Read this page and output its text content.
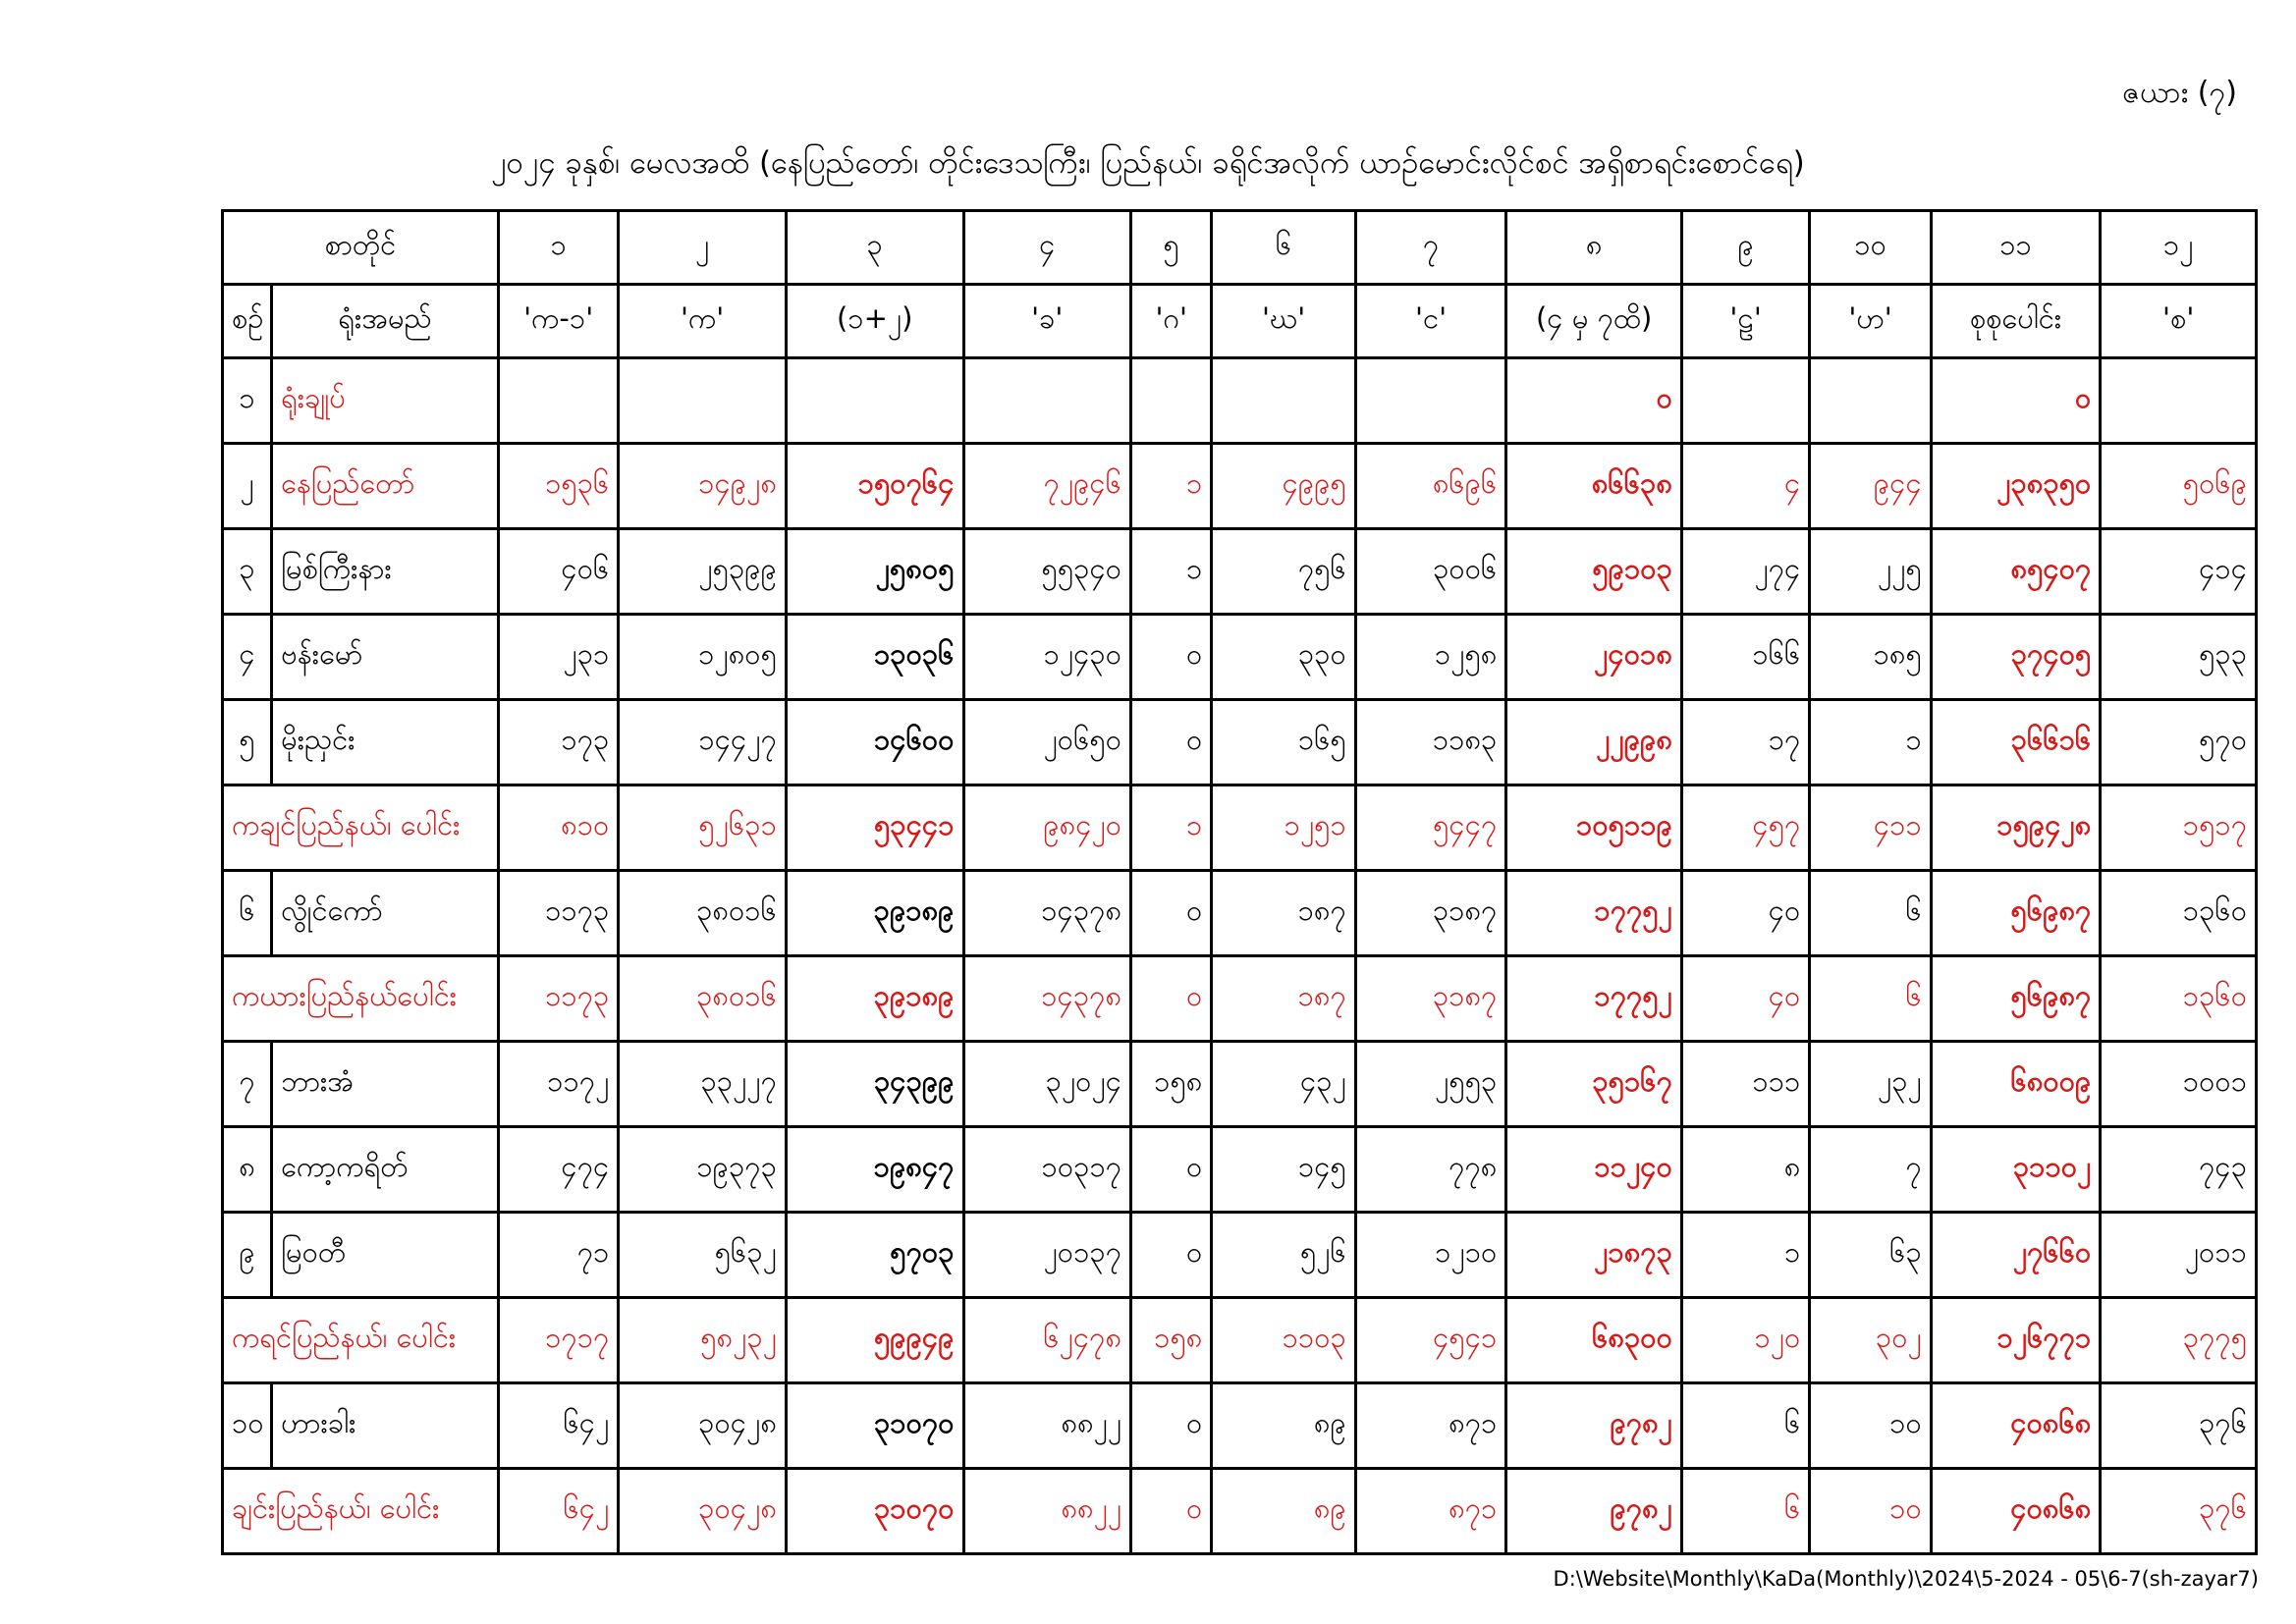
ဇယား (၇)
၂၀၂၄ ခုနှစ်၊ မေလအထိ (နေပြည်တော်၊ တိုင်းဒေသကြီး၊ ပြည်နယ်၊ ခရိုင်အလိုက် ယာဉ်မောင်းလိုင်စင် အရှိစာရင်းစောင်ရေ)
စာတိုင်		၁	၂	၃	၄	၅	၆	၇	၈	၉	၁၀	၁၁	၁၂
စဉ်	ရုံးအမည်	'က-၁'	'က'	(၁+၂)	'ခ'	'ဂ'	'ဃ'	'င'	(၄ မှ ၇ထိ)	'ဠ'	'ဟ'	စုစုပေါင်း	'စ'
၁	ရုံးချုပ်								၀			၀	
၂	နေပြည်တော်	၁၅၃၆	၁၄၉၂၈	၁၅၀၇၆၄	၇၂၉၄၆	၁	၄၉၉၅	၈၆၉၆	၈၆၆၃၈	၄	၉၄၄	၂၃၈၃၅၀	၅၀၆၉
၃	မြစ်ကြီးနား	၄၀၆	၂၅၃၉၉	၂၅၈၀၅	၅၅၃၄၀	၁	၇၅၆	၃၀၀၆	၅၉၁၀၃	၂၇၄	၂၂၅	၈၅၄၀၇	၄၁၄
၄	ဗန်းမော်	၂၃၁	၁၂၈၀၅	၁၃၀၃၆	၁၂၄၃၀	၀	၃၃၀	၁၂၅၈	၂၄၀၁၈	၁၆၆	၁၈၅	၃၇၄၀၅	၅၃၃
၅	မိုးညှင်း	၁၇၃	၁၄၄၂၇	၁၄၆၀၀	၂၀၆၅၀	၀	၁၆၅	၁၁၈၃	၂၂၉၉၈	၁၇	၁	၃၆၆၁၆	၅၇၀
ကချင်ပြည်နယ်၊ ပေါင်း		၈၁၀	၅၂၆၃၁	၅၃၄၄၁	၉၈၄၂၀	၁	၁၂၅၁	၅၄၄၇	၁၀၅၁၁၉	၄၅၇	၄၁၁	၁၅၉၄၂၈	၁၅၁၇
၆	လွိုင်ကော်	၁၁၇၃	၃၈၀၁၆	၃၉၁၈၉	၁၄၃၇၈	၀	၁၈၇	၃၁၈၇	၁၇၇၅၂	၄၀	၆	၅၆၉၈၇	၁၃၆၀
ကယားပြည်နယ်ပေါင်း		၁၁၇၃	၃၈၀၁၆	၃၉၁၈၉	၁၄၃၇၈	၀	၁၈၇	၃၁၈၇	၁၇၇၅၂	၄၀	၆	၅၆၉၈၇	၁၃၆၀
၇	ဘားအံ	၁၁၇၂	၃၃၂၂၇	၃၄၃၉၉	၃၂၀၂၄	၁၅၈	၄၃၂	၂၅၅၃	၃၅၁၆၇	၁၁၁	၂၃၂	၆၈၀၀၉	၁၀၀၁
၈	ကော့ကရိတ်	၄၇၄	၁၉၃၇၃	၁၉၈၄၇	၁၀၃၁၇	၀	၁၄၅	၇၇၈	၁၁၂၄၀	၈	၇	၃၁၁၀၂	၇၄၃
၉	မြဝတီ	၇၁	၅၆၃၂	၅၇၀၃	၂၀၁၃၇	၀	၅၂၆	၁၂၁၀	၂၁၈၇၃	၁	၆၃	၂၇၆၆၀	၂၀၁၁
ကရင်ပြည်နယ်၊ ပေါင်း		၁၇၁၇	၅၈၂၃၂	၅၉၉၄၉	၆၂၄၇၈	၁၅၈	၁၁၀၃	၄၅၄၁	၆၈၃၀၀	၁၂၀	၃၀၂	၁၂၆၇၇၁	၃၇၇၅
၁၀	ဟားခါး	၆၄၂	၃၀၄၂၈	၃၁၀၇၀	၈၈၂၂	၀	၈၉	၈၇၁	၉၇၈၂	၆	၁၀	၄၀၈၆၈	၃၇၆
ချင်းပြည်နယ်၊ ပေါင်း		၆၄၂	၃၀၄၂၈	၃၁၀၇၀	၈၈၂၂	၀	၈၉	၈၇၁	၉၇၈၂	၆	၁၀	၄၀၈၆၈	၃၇၆
D:\Website\Monthly\KaDa(Monthly)\2024\5-2024 - 05\6-7(sh-zayar7)
